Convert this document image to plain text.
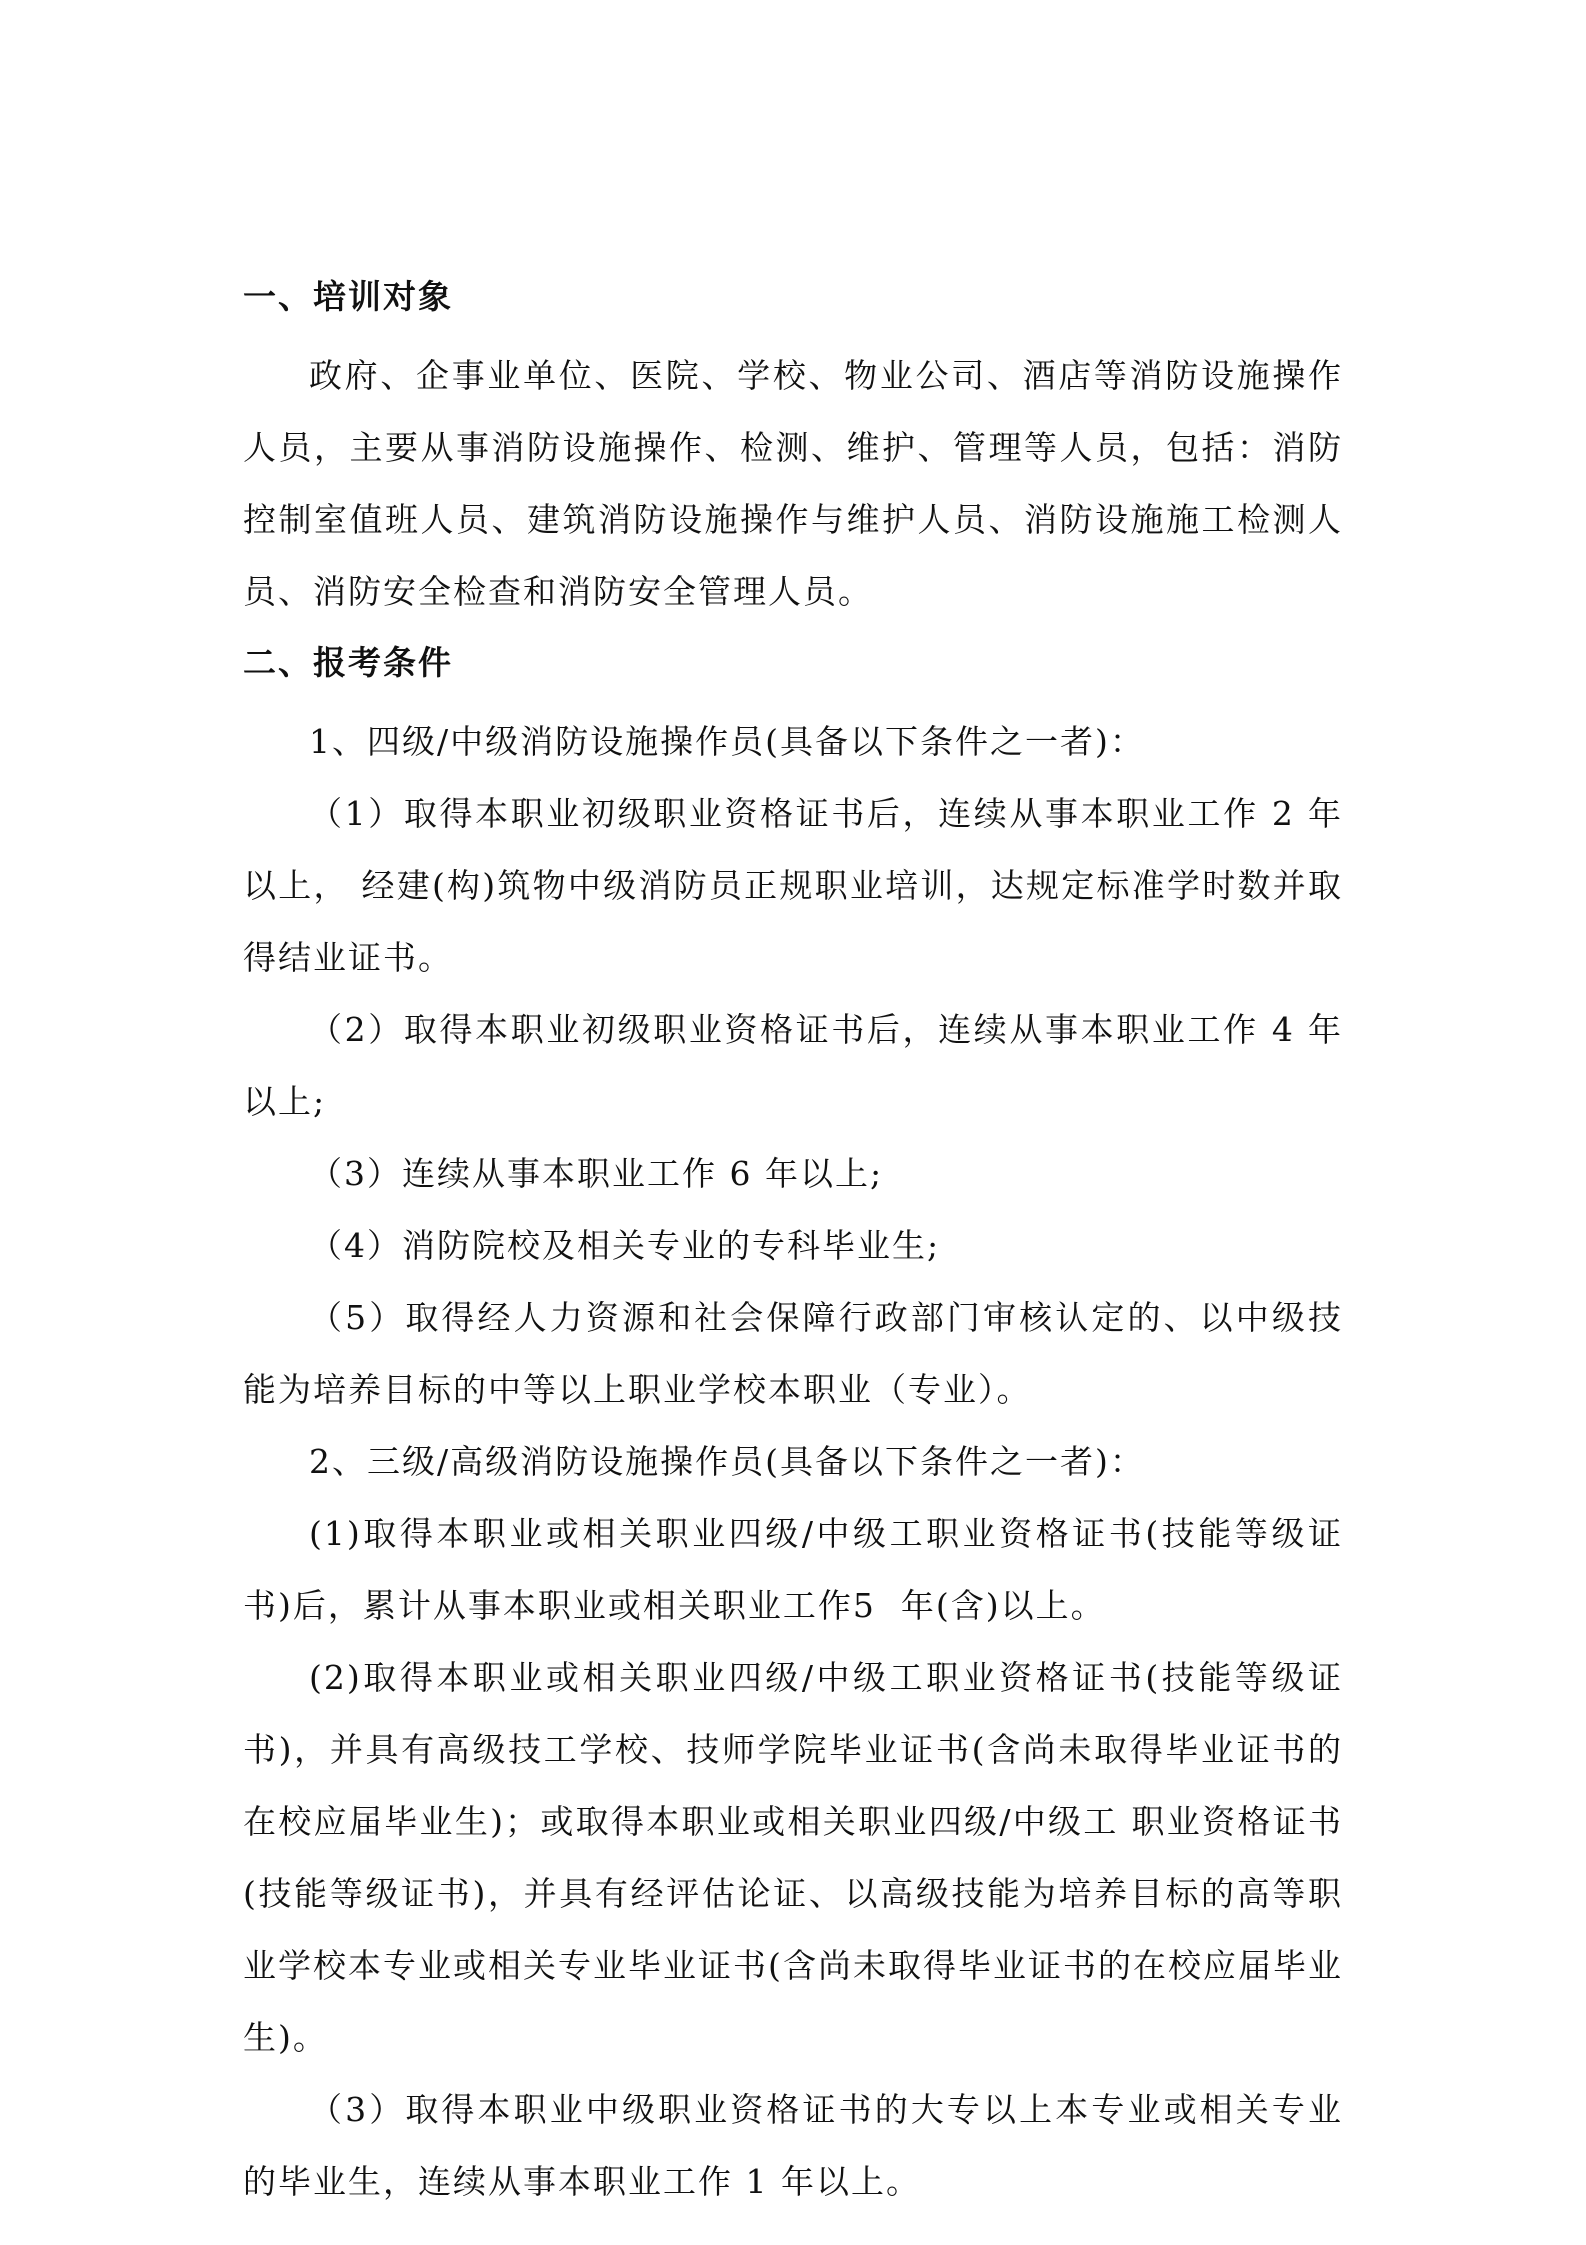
一、培训对象

政府、企事业单位、医院、学校、物业公司、酒店等消防设施操作人员，主要从事消防设施操作、检测、维护、管理等人员，包括：消防控制室值班人员、建筑消防设施操作与维护人员、消防设施施工检测人员、消防安全检查和消防安全管理人员。

二、报考条件

1、四级/中级消防设施操作员(具备以下条件之一者)：

（1）取得本职业初级职业资格证书后，连续从事本职业工作 2 年以上， 经建(构)筑物中级消防员正规职业培训，达规定标准学时数并取得结业证书。

（2）取得本职业初级职业资格证书后，连续从事本职业工作 4 年以上;

（3）连续从事本职业工作 6 年以上;

（4）消防院校及相关专业的专科毕业生;

（5）取得经人力资源和社会保障行政部门审核认定的、以中级技能为培养目标的中等以上职业学校本职业（专业）。

2、三级/高级消防设施操作员(具备以下条件之一者)：

(1)取得本职业或相关职业四级/中级工职业资格证书(技能等级证书)后，累计从事本职业或相关职业工作5  年(含)以上。

(2)取得本职业或相关职业四级/中级工职业资格证书(技能等级证书)，并具有高级技工学校、技师学院毕业证书(含尚未取得毕业证书的在校应届毕业生)；或取得本职业或相关职业四级/中级工 职业资格证书(技能等级证书)，并具有经评估论证、以高级技能为培养目标的高等职业学校本专业或相关专业毕业证书(含尚未取得毕业证书的在校应届毕业生)。

（3）取得本职业中级职业资格证书的大专以上本专业或相关专业的毕业生，连续从事本职业工作 1 年以上。
